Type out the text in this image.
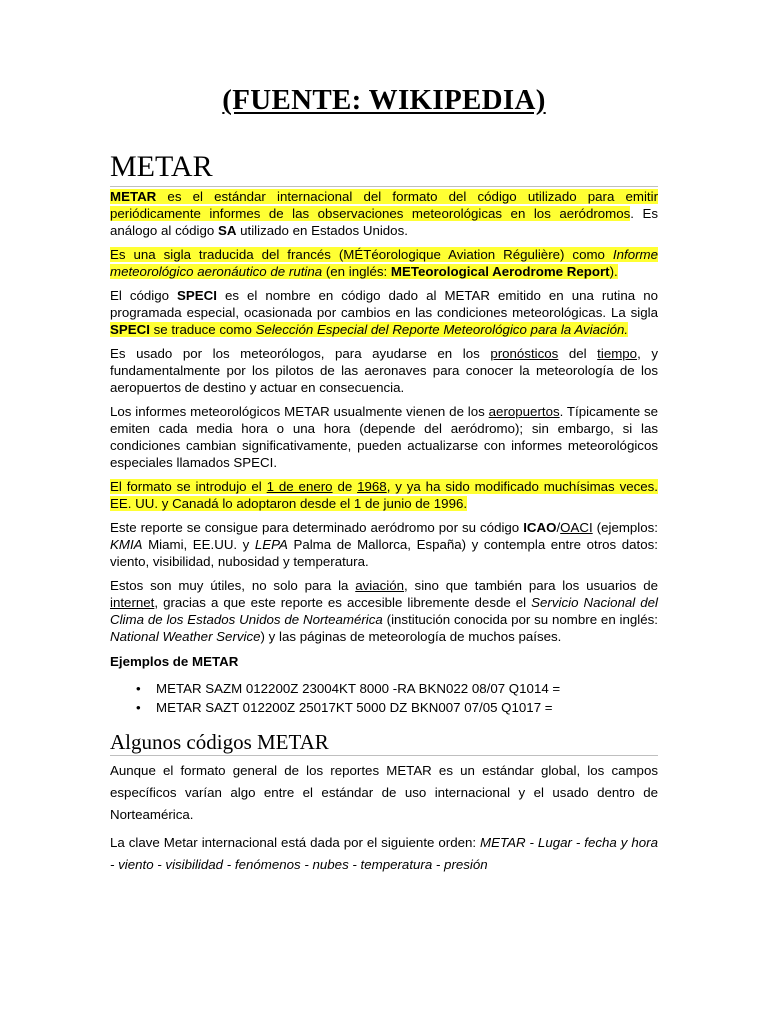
(FUENTE: WIKIPEDIA)
METAR

METAR es el estándar internacional del formato del código utilizado para emitir periódicamente informes de las observaciones meteorológicas en los aeródromos. Es análogo al código SA utilizado en Estados Unidos.

Es una sigla traducida del francés (MÉTéorologique Aviation Régulière) como Informe meteorológico aeronáutico de rutina (en inglés: METeorological Aerodrome Report).

El código SPECI es el nombre en código dado al METAR emitido en una rutina no programada especial, ocasionada por cambios en las condiciones meteorológicas. La sigla SPECI se traduce como Selección Especial del Reporte Meteorológico para la Aviación.

Es usado por los meteorólogos, para ayudarse en los pronósticos del tiempo, y fundamentalmente por los pilotos de las aeronaves para conocer la meteorología de los aeropuertos de destino y actuar en consecuencia.

Los informes meteorológicos METAR usualmente vienen de los aeropuertos. Típicamente se emiten cada media hora o una hora (depende del aeródromo); sin embargo, si las condiciones cambian significativamente, pueden actualizarse con informes meteorológicos especiales llamados SPECI.

El formato se introdujo el 1 de enero de 1968, y ya ha sido modificado muchísimas veces. EE. UU. y Canadá lo adoptaron desde el 1 de junio de 1996.

Este reporte se consigue para determinado aeródromo por su código ICAO/OACI (ejemplos: KMIA Miami, EE.UU. y LEPA Palma de Mallorca, España) y contempla entre otros datos: viento, visibilidad, nubosidad y temperatura.

Estos son muy útiles, no solo para la aviación, sino que también para los usuarios de internet, gracias a que este reporte es accesible libremente desde el Servicio Nacional del Clima de los Estados Unidos de Norteamérica (institución conocida por su nombre en inglés: National Weather Service) y las páginas de meteorología de muchos países.

Ejemplos de METAR
• METAR SAZM 012200Z 23004KT 8000 -RA BKN022 08/07 Q1014 =
• METAR SAZT 012200Z 25017KT 5000 DZ BKN007 07/05 Q1017 =
Algunos códigos METAR

Aunque el formato general de los reportes METAR es un estándar global, los campos específicos varían algo entre el estándar de uso internacional y el usado dentro de Norteamérica.

La clave Metar internacional está dada por el siguiente orden: METAR - Lugar - fecha y hora - viento - visibilidad - fenómenos - nubes - temperatura - presión
